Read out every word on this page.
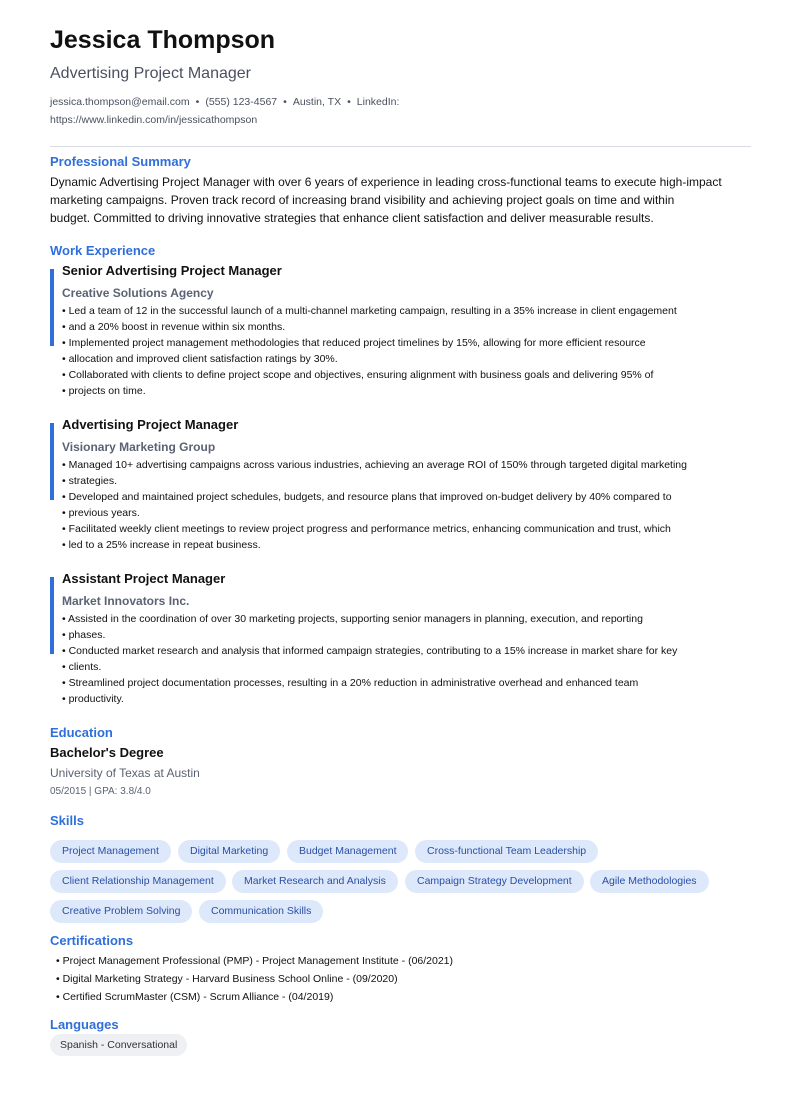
Jessica Thompson
Advertising Project Manager
jessica.thompson@email.com • (555) 123-4567 • Austin, TX • LinkedIn:
https://www.linkedin.com/in/jessicathompson
Professional Summary
Dynamic Advertising Project Manager with over 6 years of experience in leading cross-functional teams to execute high-impact
marketing campaigns. Proven track record of increasing brand visibility and achieving project goals on time and within
budget. Committed to driving innovative strategies that enhance client satisfaction and deliver measurable results.
Work Experience
Senior Advertising Project Manager
Creative Solutions Agency
• Led a team of 12 in the successful launch of a multi-channel marketing campaign, resulting in a 35% increase in client engagement
• and a 20% boost in revenue within six months.
• Implemented project management methodologies that reduced project timelines by 15%, allowing for more efficient resource
• allocation and improved client satisfaction ratings by 30%.
• Collaborated with clients to define project scope and objectives, ensuring alignment with business goals and delivering 95% of
• projects on time.
Advertising Project Manager
Visionary Marketing Group
• Managed 10+ advertising campaigns across various industries, achieving an average ROI of 150% through targeted digital marketing
• strategies.
• Developed and maintained project schedules, budgets, and resource plans that improved on-budget delivery by 40% compared to
• previous years.
• Facilitated weekly client meetings to review project progress and performance metrics, enhancing communication and trust, which
• led to a 25% increase in repeat business.
Assistant Project Manager
Market Innovators Inc.
• Assisted in the coordination of over 30 marketing projects, supporting senior managers in planning, execution, and reporting
• phases.
• Conducted market research and analysis that informed campaign strategies, contributing to a 15% increase in market share for key
• clients.
• Streamlined project documentation processes, resulting in a 20% reduction in administrative overhead and enhanced team
• productivity.
Education
Bachelor's Degree
University of Texas at Austin
05/2015 | GPA: 3.8/4.0
Skills
Project Management	Digital Marketing	Budget Management	Cross-functional Team Leadership
Client Relationship Management	Market Research and Analysis	Campaign Strategy Development	Agile Methodologies
Creative Problem Solving	Communication Skills
Certifications
• Project Management Professional (PMP) - Project Management Institute - (06/2021)
• Digital Marketing Strategy - Harvard Business School Online - (09/2020)
• Certified ScrumMaster (CSM) - Scrum Alliance - (04/2019)
Languages
Spanish - Conversational
